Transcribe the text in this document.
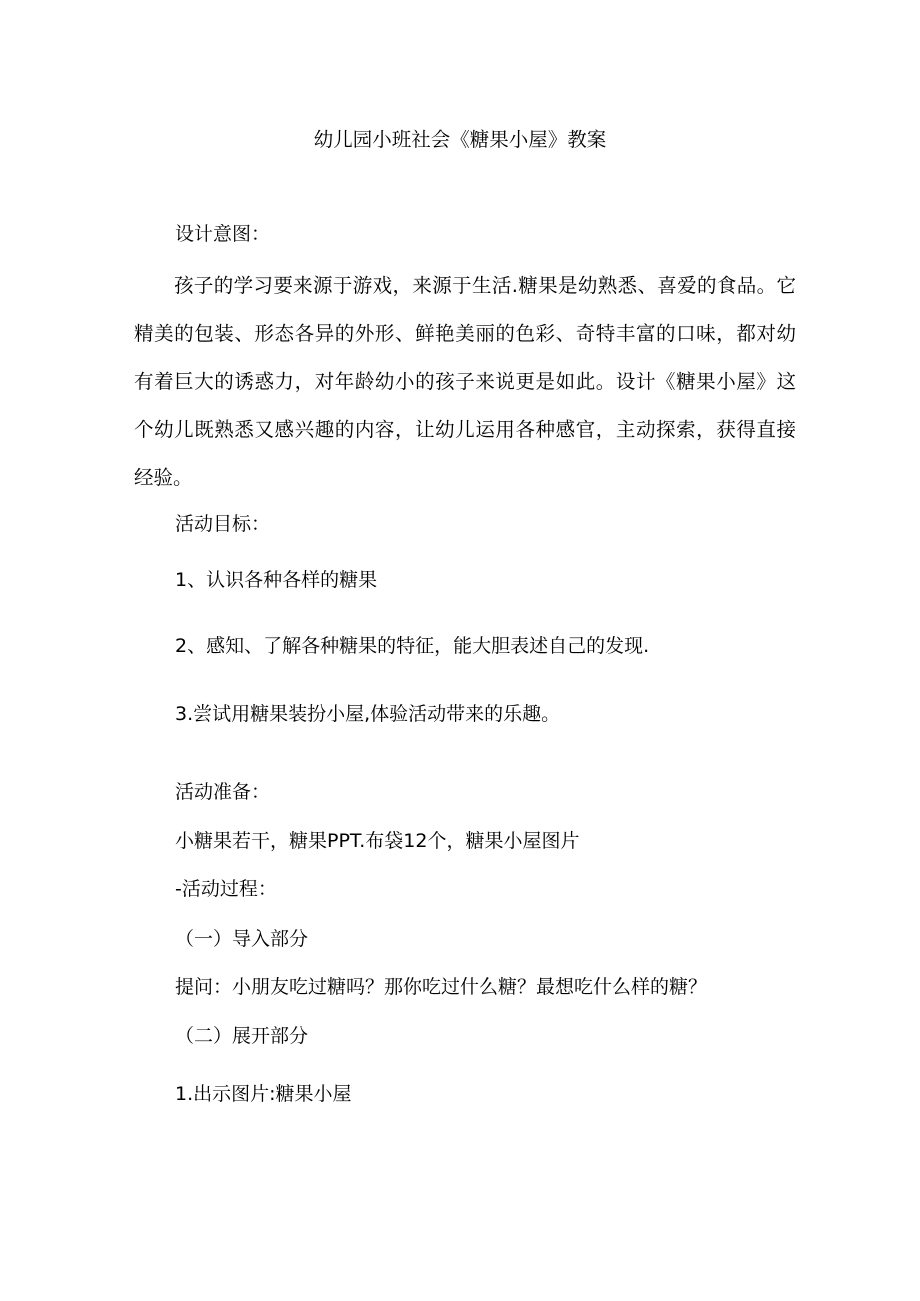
幼儿园小班社会《糖果小屋》教案

设计意图：

孩子的学习要来源于游戏，来源于生活.糖果是幼熟悉、喜爱的食品。它精美的包装、形态各异的外形、鲜艳美丽的色彩、奇特丰富的口味，都对幼有着巨大的诱惑力，对年龄幼小的孩子来说更是如此。设计《糖果小屋》这个幼儿既熟悉又感兴趣的内容，让幼儿运用各种感官，主动探索，获得直接经验。

活动目标：

1、认识各种各样的糖果

2、感知、了解各种糖果的特征，能大胆表述自己的发现.

3.尝试用糖果装扮小屋,体验活动带来的乐趣。

活动准备：

小糖果若干，糖果PPT.布袋12个，糖果小屋图片

-活动过程：

（一）导入部分

提问：小朋友吃过糖吗？那你吃过什么糖？最想吃什么样的糖？

（二）展开部分

1.出示图片:糖果小屋
